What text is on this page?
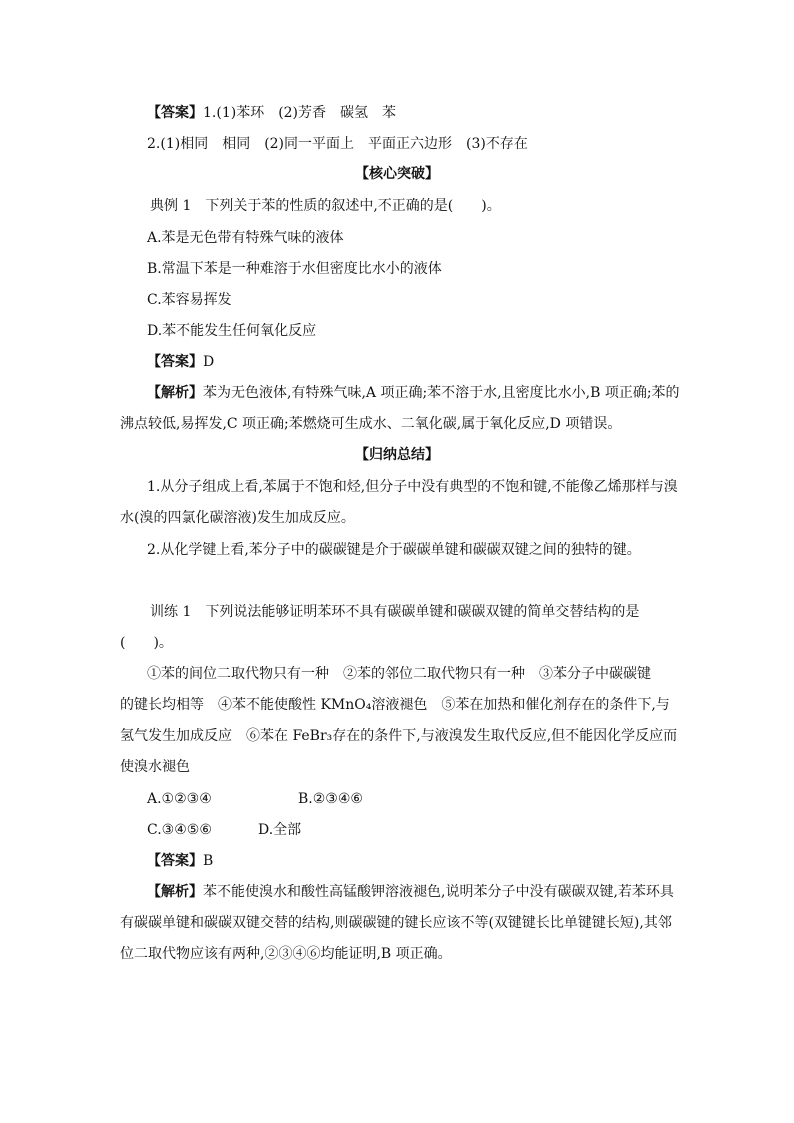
【答案】1.(1)苯环　(2)芳香　碳氢　苯
2.(1)相同　相同　(2)同一平面上　平面正六边形　(3)不存在
【核心突破】
典例 1　下列关于苯的性质的叙述中,不正确的是(　　)。
A.苯是无色带有特殊气味的液体
B.常温下苯是一种难溶于水但密度比水小的液体
C.苯容易挥发
D.苯不能发生任何氧化反应
【答案】D
【解析】苯为无色液体,有特殊气味,A 项正确;苯不溶于水,且密度比水小,B 项正确;苯的
沸点较低,易挥发,C 项正确;苯燃烧可生成水、二氧化碳,属于氧化反应,D 项错误。
【归纳总结】
1.从分子组成上看,苯属于不饱和烃,但分子中没有典型的不饱和键,不能像乙烯那样与溴
水(溴的四氯化碳溶液)发生加成反应。
2.从化学键上看,苯分子中的碳碳键是介于碳碳单键和碳碳双键之间的独特的键。
训练 1　下列说法能够证明苯环不具有碳碳单键和碳碳双键的简单交替结构的是
(　　)。
①苯的间位二取代物只有一种　②苯的邻位二取代物只有一种　③苯分子中碳碳键
的键长均相等　④苯不能使酸性 KMnO₄溶液褪色　⑤苯在加热和催化剂存在的条件下,与
氢气发生加成反应　⑥苯在 FeBr₃存在的条件下,与液溴发生取代反应,但不能因化学反应而
使溴水褪色
A.①②③④	B.②③④⑥
C.③④⑤⑥	D.全部
【答案】B
【解析】苯不能使溴水和酸性高锰酸钾溶液褪色,说明苯分子中没有碳碳双键,若苯环具
有碳碳单键和碳碳双键交替的结构,则碳碳键的键长应该不等(双键键长比单键键长短),其邻
位二取代物应该有两种,②③④⑥均能证明,B 项正确。
